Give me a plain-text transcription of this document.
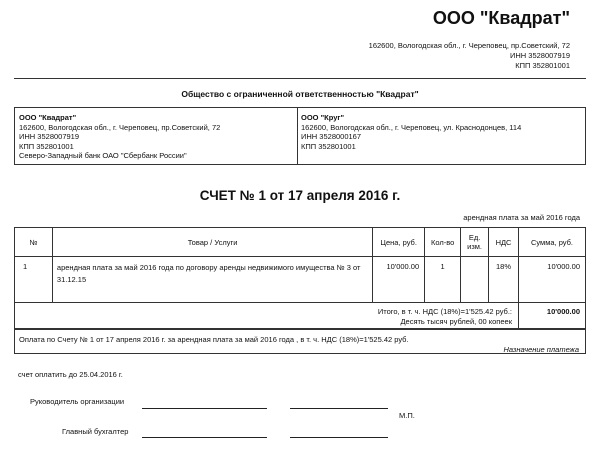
ООО "Квадрат"
162600, Вологодская обл., г. Череповец, пр.Советский, 72
ИНН 3528007919
КПП 352801001
Общество с ограниченной ответственностью "Квадрат"
ООО "Квадрат"
162600, Вологодская обл., г. Череповец, пр.Советский, 72
ИНН 3528007919
КПП 352801001
Северо-Западный банк ОАО "Сбербанк России"
ООО "Круг"
162600, Вологодская обл., г. Череповец, ул. Краснодонцев, 114
ИНН 3528000167
КПП 352801001
СЧЕТ № 1 от 17 апреля 2016 г.
арендная плата за май 2016 года
№	Товар / Услуги	Цена, руб.	Кол-во	Ед. изм.	НДС	Сумма, руб.
1	арендная плата за май 2016 года по договору аренды недвижимого имущества № 3 от 31.12.15	10'000.00	1		18%	10'000.00

Итого, в т. ч. НДС (18%)=1'525.42 руб.:
Десять тысяч рублей, 00 копеек						10'000.00
Оплата по Счету № 1 от 17 апреля 2016 г. за арендная плата за май 2016 года , в т. ч. НДС (18%)=1'525.42 руб.
Назначение платежа
счет оплатить до 25.04.2016 г.
Руководитель организации
М.П.
Главный бухгалтер
